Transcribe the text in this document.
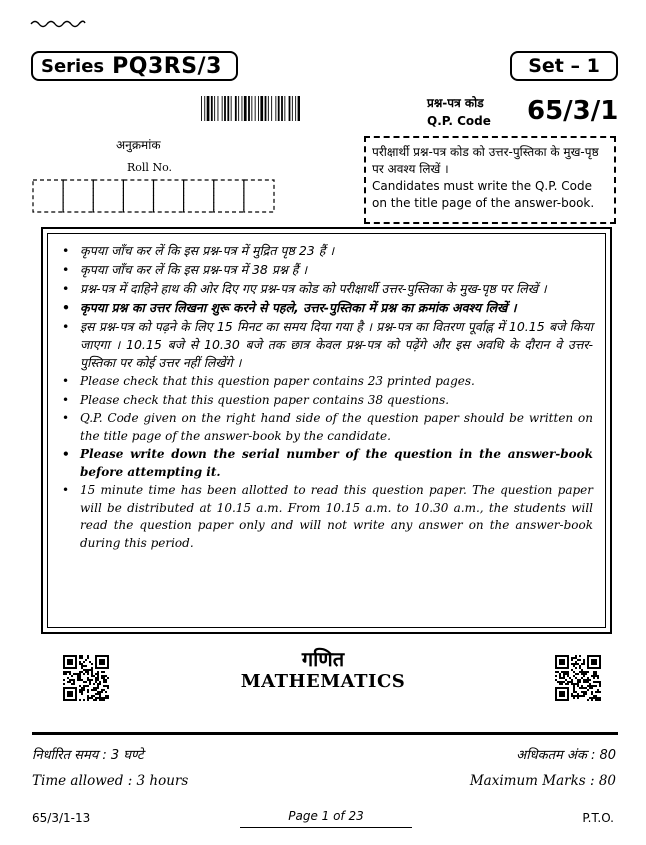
Series PQ3RS/3	Set – 1
प्रश्न-पत्र कोड
Q.P. Code 65/3/1
अनुक्रमांक
Roll No.
परीक्षार्थी प्रश्न-पत्र कोड को उत्तर-पुस्तिका के मुख-पृष्ठ पर अवश्य लिखें ।
Candidates must write the Q.P. Code on the title page of the answer-book.
• कृपया जाँच कर लें कि इस प्रश्न-पत्र में मुद्रित पृष्ठ 23 हैं ।
• कृपया जाँच कर लें कि इस प्रश्न-पत्र में 38 प्रश्न हैं ।
• प्रश्न-पत्र में दाहिने हाथ की ओर दिए गए प्रश्न-पत्र कोड को परीक्षार्थी उत्तर-पुस्तिका के मुख-पृष्ठ पर लिखें ।
• कृपया प्रश्न का उत्तर लिखना शुरू करने से पहले, उत्तर-पुस्तिका में प्रश्न का क्रमांक अवश्य लिखें ।
• इस प्रश्न-पत्र को पढ़ने के लिए 15 मिनट का समय दिया गया है । प्रश्न-पत्र का वितरण पूर्वाह्न में 10.15 बजे किया जाएगा । 10.15 बजे से 10.30 बजे तक छात्र केवल प्रश्न-पत्र को पढ़ेंगे और इस अवधि के दौरान वे उत्तर-पुस्तिका पर कोई उत्तर नहीं लिखेंगे ।
• Please check that this question paper contains 23 printed pages.
• Please check that this question paper contains 38 questions.
• Q.P. Code given on the right hand side of the question paper should be written on the title page of the answer-book by the candidate.
• Please write down the serial number of the question in the answer-book before attempting it.
• 15 minute time has been allotted to read this question paper. The question paper will be distributed at 10.15 a.m. From 10.15 a.m. to 10.30 a.m., the students will read the question paper only and will not write any answer on the answer-book during this period.
गणित
MATHEMATICS
निर्धारित समय : 3 घण्टे	अधिकतम अंक : 80
Time allowed : 3 hours	Maximum Marks : 80
65/3/1-13	Page 1 of 23	P.T.O.
